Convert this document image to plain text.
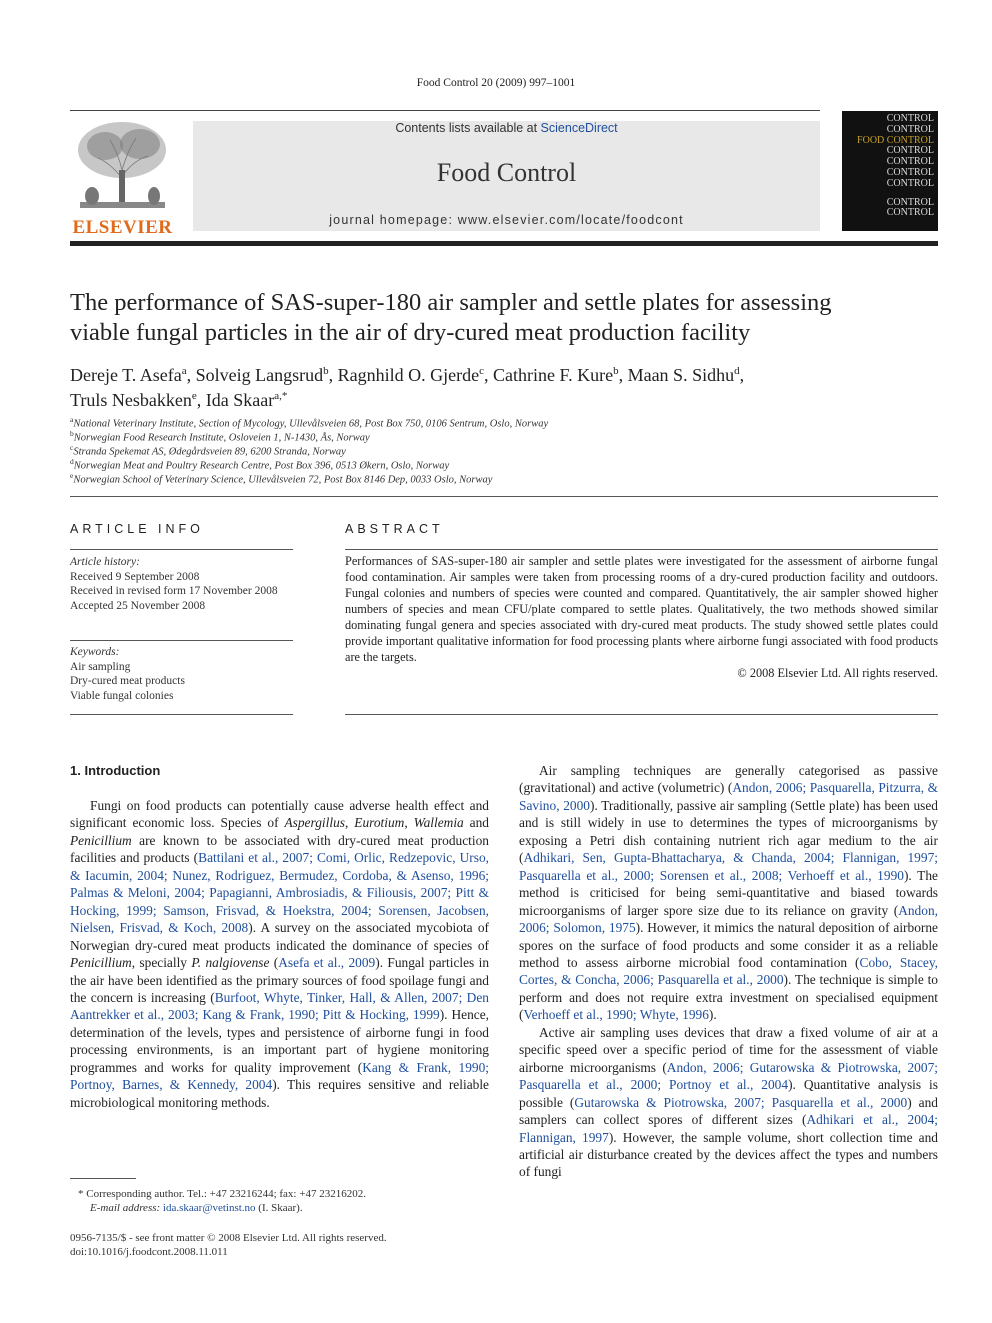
Food Control 20 (2009) 997–1001
ELSEVIER
Contents lists available at ScienceDirect
Food Control
journal homepage: www.elsevier.com/locate/foodcont
CONTROL
CONTROL
FOOD CONTROL
CONTROL
CONTROL
CONTROL
CONTROL
CONTROL
CONTROL
The performance of SAS-super-180 air sampler and settle plates for assessing
viable fungal particles in the air of dry-cured meat production facility
Dereje T. Asefa$^a$, Solveig Langsrud$^b$, Ragnhild O. Gjerde$^c$, Cathrine F. Kure$^b$, Maan S. Sidhu$^d$,
Truls Nesbakken$^e$, Ida Skaar$^{a,*}$
$^a$National Veterinary Institute, Section of Mycology, Ullevålsveien 68, Post Box 750, 0106 Sentrum, Oslo, Norway
$^b$Norwegian Food Research Institute, Osloveien 1, N-1430, Ås, Norway
$^c$Stranda Spekemat AS, Ødegårdsveien 89, 6200 Stranda, Norway
$^d$Norwegian Meat and Poultry Research Centre, Post Box 396, 0513 Økern, Oslo, Norway
$^e$Norwegian School of Veterinary Science, Ullevålsveien 72, Post Box 8146 Dep, 0033 Oslo, Norway
ARTICLE INFO
Article history:
Received 9 September 2008
Received in revised form 17 November 2008
Accepted 25 November 2008
Keywords:
Air sampling
Dry-cured meat products
Viable fungal colonies
ABSTRACT
Performances of SAS-super-180 air sampler and settle plates were investigated for the assessment of airborne fungal food contamination. Air samples were taken from processing rooms of a dry-cured production facility and outdoors. Fungal colonies and numbers of species were counted and compared. Quantitatively, the air sampler showed higher numbers of species and mean CFU/plate compared to settle plates. Qualitatively, the two methods showed similar dominating fungal genera and species associated with dry-cured meat products. The study showed settle plates could provide important qualitative information for food processing plants where airborne fungi associated with food products are the targets.
© 2008 Elsevier Ltd. All rights reserved.
1. Introduction

Fungi on food products can potentially cause adverse health effect and significant economic loss. Species of Aspergillus, Eurotium, Wallemia and Penicillium are known to be associated with dry-cured meat production facilities and products (Battilani et al., 2007; Comi, Orlic, Redzepovic, Urso, & Iacumin, 2004; Nunez, Rodriguez, Bermudez, Cordoba, & Asenso, 1996; Palmas & Meloni, 2004; Papagianni, Ambrosiadis, & Filiousis, 2007; Pitt & Hocking, 1999; Samson, Frisvad, & Hoekstra, 2004; Sorensen, Jacobsen, Nielsen, Frisvad, & Koch, 2008). A survey on the associated mycobiota of Norwegian dry-cured meat products indicated the dominance of species of Penicillium, specially P. nalgiovense (Asefa et al., 2009). Fungal particles in the air have been identified as the primary sources of food spoilage fungi and the concern is increasing (Burfoot, Whyte, Tinker, Hall, & Allen, 2007; Den Aantrekker et al., 2003; Kang & Frank, 1990; Pitt & Hocking, 1999). Hence, determination of the levels, types and persistence of airborne fungi in food processing environments, is an important part of hygiene monitoring programmes and works for quality improvement (Kang & Frank, 1990; Portnoy, Barnes, & Kennedy, 2004). This requires sensitive and reliable microbiological monitoring methods.

* Corresponding author. Tel.: +47 23216244; fax: +47 23216202.
E-mail address: ida.skaar@vetinst.no (I. Skaar).
0956-7135/$ - see front matter © 2008 Elsevier Ltd. All rights reserved.
doi:10.1016/j.foodcont.2008.11.011

Air sampling techniques are generally categorised as passive (gravitational) and active (volumetric) (Andon, 2006; Pasquarella, Pitzurra, & Savino, 2000). Traditionally, passive air sampling (Settle plate) has been used and is still widely in use to determines the types of microorganisms by exposing a Petri dish containing nutrient rich agar medium to the air (Adhikari, Sen, Gupta-Bhattacharya, & Chanda, 2004; Flannigan, 1997; Pasquarella et al., 2000; Sorensen et al., 2008; Verhoeff et al., 1990). The method is criticised for being semi-quantitative and biased towards microorganisms of larger spore size due to its reliance on gravity (Andon, 2006; Solomon, 1975). However, it mimics the natural deposition of airborne spores on the surface of food products and some consider it as a reliable method to assess airborne microbial food contamination (Cobo, Stacey, Cortes, & Concha, 2006; Pasquarella et al., 2000). The technique is simple to perform and does not require extra investment on specialised equipment (Verhoeff et al., 1990; Whyte, 1996).

Active air sampling uses devices that draw a fixed volume of air at a specific speed over a specific period of time for the assessment of viable airborne microorganisms (Andon, 2006; Gutarowska & Piotrowska, 2007; Pasquarella et al., 2000; Portnoy et al., 2004). Quantitative analysis is possible (Gutarowska & Piotrowska, 2007; Pasquarella et al., 2000) and samplers can collect spores of different sizes (Adhikari et al., 2004; Flannigan, 1997). However, the sample volume, short collection time and artificial air disturbance created by the devices affect the types and numbers of fungi
